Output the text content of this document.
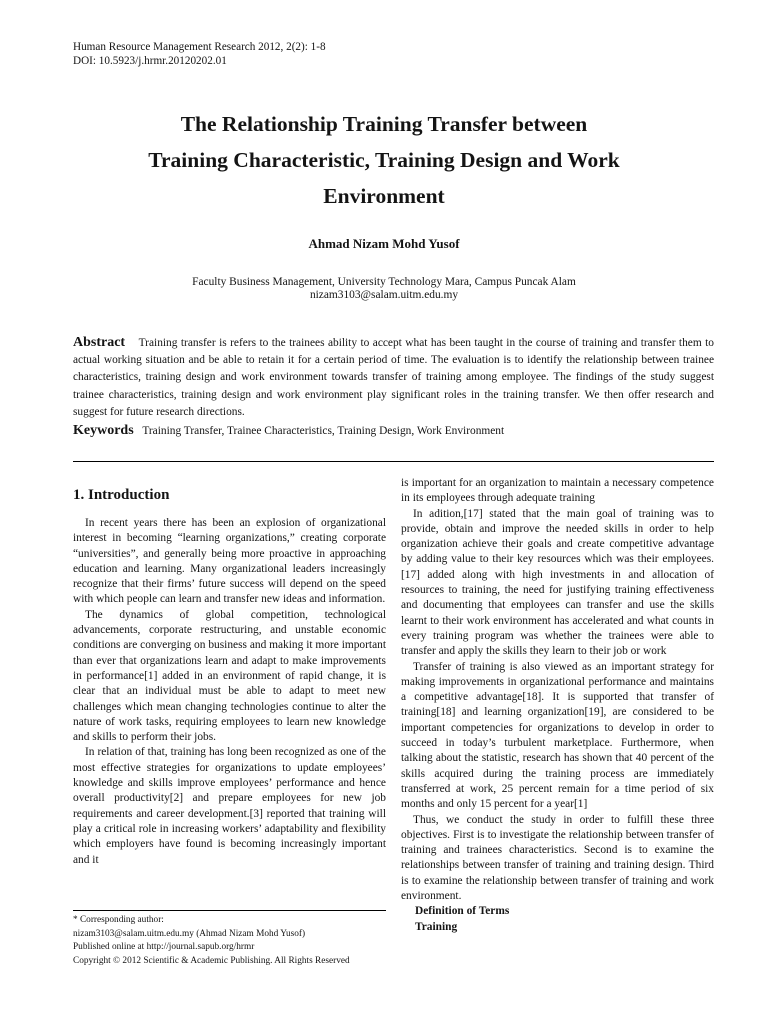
Human Resource Management Research 2012, 2(2): 1-8
DOI: 10.5923/j.hrmr.20120202.01
The Relationship Training Transfer between
Training Characteristic, Training Design and Work
Environment
Ahmad Nizam Mohd Yusof
Faculty Business Management, University Technology Mara, Campus Puncak Alam
nizam3103@salam.uitm.edu.my

Abstract Training transfer is refers to the trainees ability to accept what has been taught in the course of training and transfer them to actual working situation and be able to retain it for a certain period of time. The evaluation is to identify the relationship between trainee characteristics, training design and work environment towards transfer of training among employee. The findings of the study suggest trainee characteristics, training design and work environment play significant roles in the training transfer. We then offer research and suggest for future research directions.

Keywords Training Transfer, Trainee Characteristics, Training Design, Work Environment
1. Introduction

In recent years there has been an explosion of organizational interest in becoming “learning organizations,” creating corporate “universities”, and generally being more proactive in approaching education and learning. Many organizational leaders increasingly recognize that their firms’ future success will depend on the speed with which people can learn and transfer new ideas and information.

The dynamics of global competition, technological advancements, corporate restructuring, and unstable economic conditions are converging on business and making it more important than ever that organizations learn and adapt to make improvements in performance[1] added in an environment of rapid change, it is clear that an individual must be able to adapt to meet new challenges which mean changing technologies continue to alter the nature of work tasks, requiring employees to learn new knowledge and skills to perform their jobs.

In relation of that, training has long been recognized as one of the most effective strategies for organizations to update employees’ knowledge and skills improve employees’ performance and hence overall productivity[2] and prepare employees for new job requirements and career development.[3] reported that training will play a critical role in increasing workers’ adaptability and flexibility which employers have found is becoming increasingly important and it

is important for an organization to maintain a necessary competence in its employees through adequate training

In adition,[17] stated that the main goal of training was to provide, obtain and improve the needed skills in order to help organization achieve their goals and create competitive advantage by adding value to their key resources which was their employees.[17] added along with high investments in and allocation of resources to training, the need for justifying training effectiveness and documenting that employees can transfer and use the skills learnt to their work environment has accelerated and what counts in every training program was whether the trainees were able to transfer and apply the skills they learn to their job or work

Transfer of training is also viewed as an important strategy for making improvements in organizational performance and maintains a competitive advantage[18]. It is supported that transfer of training[18] and learning organization[19], are considered to be important competencies for organizations to develop in order to succeed in today’s turbulent marketplace. Furthermore, when talking about the statistic, research has shown that 40 percent of the skills acquired during the training process are immediately transferred at work, 25 percent remain for a time period of six months and only 15 percent for a year[1]

Thus, we conduct the study in order to fulfill these three objectives. First is to investigate the relationship between transfer of training and trainees characteristics. Second is to examine the relationships between transfer of training and training design. Third is to examine the relationship between transfer of training and work environment.

Definition of Terms
Training
* Corresponding author:
nizam3103@salam.uitm.edu.my (Ahmad Nizam Mohd Yusof)
Published online at http://journal.sapub.org/hrmr
Copyright © 2012 Scientific & Academic Publishing. All Rights Reserved
